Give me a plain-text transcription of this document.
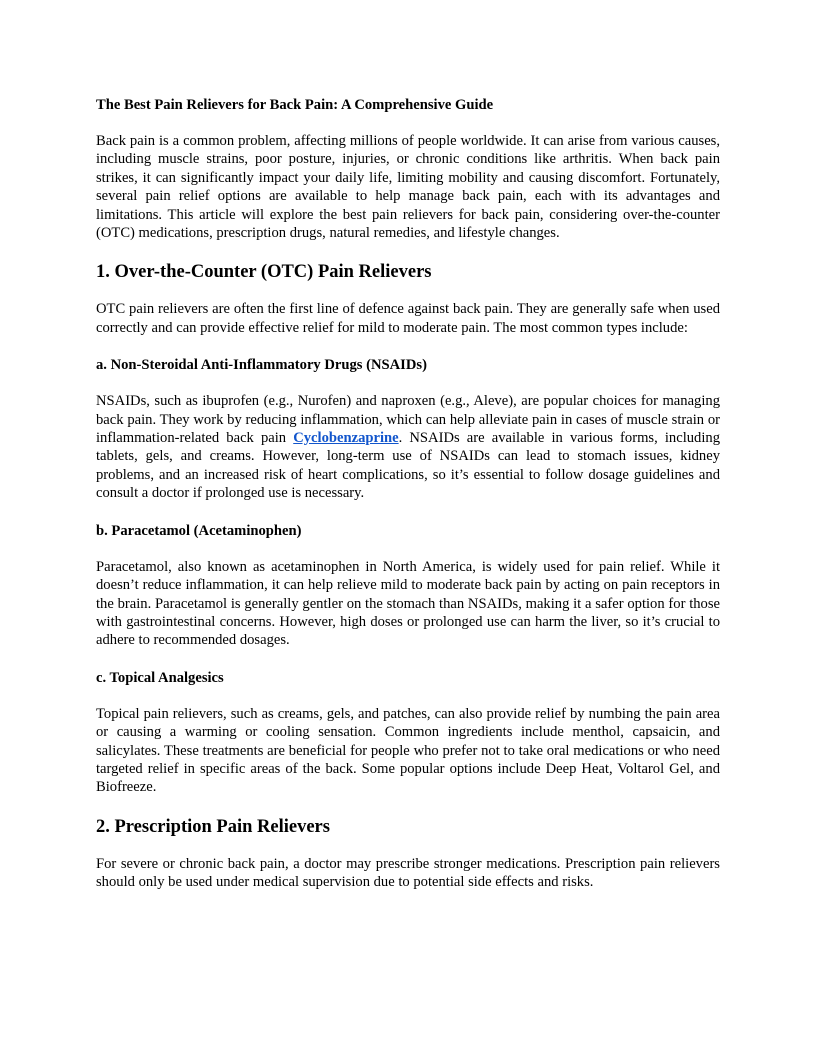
The Best Pain Relievers for Back Pain: A Comprehensive Guide

Back pain is a common problem, affecting millions of people worldwide. It can arise from various causes, including muscle strains, poor posture, injuries, or chronic conditions like arthritis. When back pain strikes, it can significantly impact your daily life, limiting mobility and causing discomfort. Fortunately, several pain relief options are available to help manage back pain, each with its advantages and limitations. This article will explore the best pain relievers for back pain, considering over-the-counter (OTC) medications, prescription drugs, natural remedies, and lifestyle changes.

1. Over-the-Counter (OTC) Pain Relievers

OTC pain relievers are often the first line of defence against back pain. They are generally safe when used correctly and can provide effective relief for mild to moderate pain. The most common types include:

a. Non-Steroidal Anti-Inflammatory Drugs (NSAIDs)

NSAIDs, such as ibuprofen (e.g., Nurofen) and naproxen (e.g., Aleve), are popular choices for managing back pain. They work by reducing inflammation, which can help alleviate pain in cases of muscle strain or inflammation-related back pain Cyclobenzaprine. NSAIDs are available in various forms, including tablets, gels, and creams. However, long-term use of NSAIDs can lead to stomach issues, kidney problems, and an increased risk of heart complications, so it’s essential to follow dosage guidelines and consult a doctor if prolonged use is necessary.

b. Paracetamol (Acetaminophen)

Paracetamol, also known as acetaminophen in North America, is widely used for pain relief. While it doesn’t reduce inflammation, it can help relieve mild to moderate back pain by acting on pain receptors in the brain. Paracetamol is generally gentler on the stomach than NSAIDs, making it a safer option for those with gastrointestinal concerns. However, high doses or prolonged use can harm the liver, so it’s crucial to adhere to recommended dosages.

c. Topical Analgesics

Topical pain relievers, such as creams, gels, and patches, can also provide relief by numbing the pain area or causing a warming or cooling sensation. Common ingredients include menthol, capsaicin, and salicylates. These treatments are beneficial for people who prefer not to take oral medications or who need targeted relief in specific areas of the back. Some popular options include Deep Heat, Voltarol Gel, and Biofreeze.

2. Prescription Pain Relievers

For severe or chronic back pain, a doctor may prescribe stronger medications. Prescription pain relievers should only be used under medical supervision due to potential side effects and risks.
